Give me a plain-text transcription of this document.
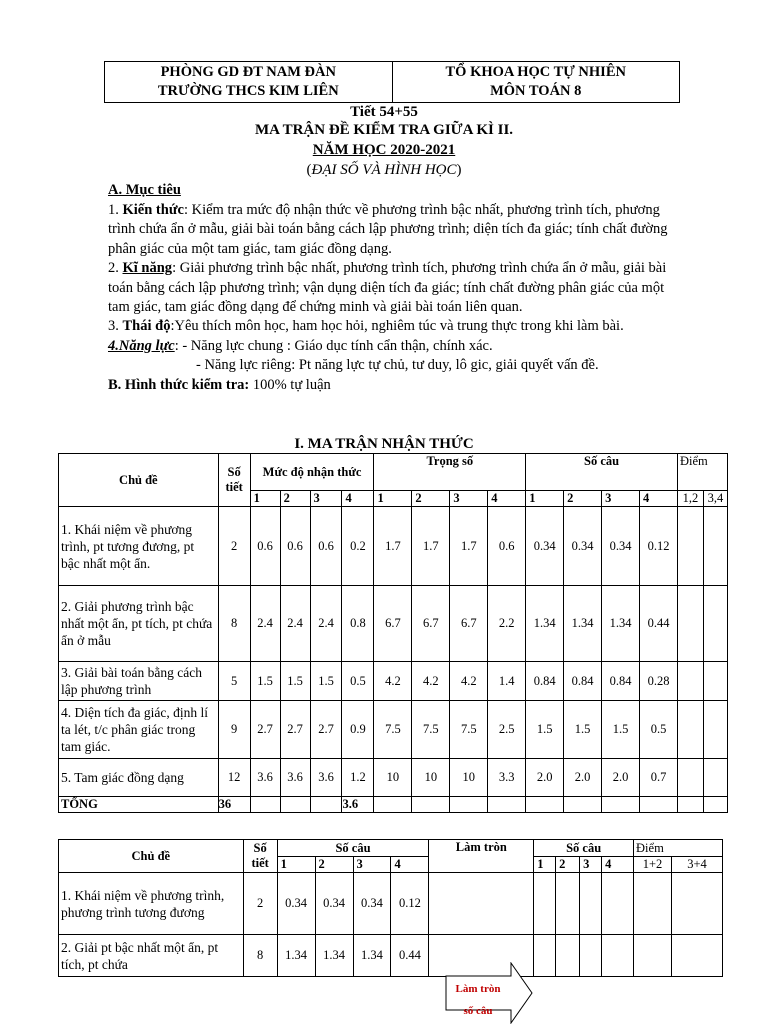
PHÒNG GD ĐT NAM ĐÀN
TRƯỜNG THCS KIM LIÊN
TỔ KHOA HỌC TỰ NHIÊN
MÔN TOÁN 8
Tiết 54+55
MA TRẬN ĐỀ KIỂM TRA GIỮA KÌ II.
NĂM HỌC 2020-2021
(ĐẠI SỐ VÀ HÌNH HỌC)
A. Mục tiêu

1. Kiến thức: Kiểm tra mức độ nhận thức về phương trình bậc nhất, phương trình tích, phương trình chứa ẩn ở mẫu, giải bài toán bằng cách lập phương trình; diện tích đa giác; tính chất đường phân giác của một tam giác, tam giác đồng dạng.

2. Kĩ năng: Giải phương trình bậc nhất, phương trình tích, phương trình chứa ẩn ở mẫu, giải bài toán bằng cách lập phương trình; vận dụng diện tích đa giác; tính chất đường phân giác của một tam giác, tam giác đồng dạng để chứng minh và giải bài toán liên quan.

3. Thái độ:Yêu thích môn học, ham học hỏi, nghiêm túc và trung thực trong khi làm bài.

4.Năng lực: - Năng lực chung : Giáo dục tính cẩn thận, chính xác.

- Năng lực riêng: Pt năng lực tự chủ, tư duy, lô gic, giải quyết vấn đề.

B. Hình thức kiểm tra: 100% tự luận

I. MA TRẬN NHẬN THỨC
Chủ đề	Số tiết	Mức độ nhận thức				Trọng số				Số câu				Điểm	
		1	2	3	4	1	2	3	4	1	2	3	4	1,2	3,4
1. Khái niệm về phương trình, pt tương đương, pt bậc nhất một ẩn.	2	0.6	0.6	0.6	0.2	1.7	1.7	1.7	0.6	0.34	0.34	0.34	0.12		
2. Giải phương trình bậc nhất một ẩn, pt tích, pt chứa ẩn ở mẫu	8	2.4	2.4	2.4	0.8	6.7	6.7	6.7	2.2	1.34	1.34	1.34	0.44		
3. Giải bài toán bằng cách lập phương trình	5	1.5	1.5	1.5	0.5	4.2	4.2	4.2	1.4	0.84	0.84	0.84	0.28		
4. Diện tích đa giác, định lí ta lét, t/c phân giác trong tam giác.	9	2.7	2.7	2.7	0.9	7.5	7.5	7.5	2.5	1.5	1.5	1.5	0.5		
5. Tam giác đồng dạng	12	3.6	3.6	3.6	1.2	10	10	10	3.3	2.0	2.0	2.0	0.7		
TỔNG	36				3.6										
Chủ đề	Số tiết	Số câu				Làm tròn	Số câu				Điểm	
		1	2	3	4		1	2	3	4	1+2	3+4
1. Khái niệm về phương trình, phương trình tương đương	2	0.34	0.34	0.34	0.12							
2. Giải pt bậc nhất một ẩn, pt tích, pt chứa	8	1.34	1.34	1.34	0.44							
Làm tròn
số câu
